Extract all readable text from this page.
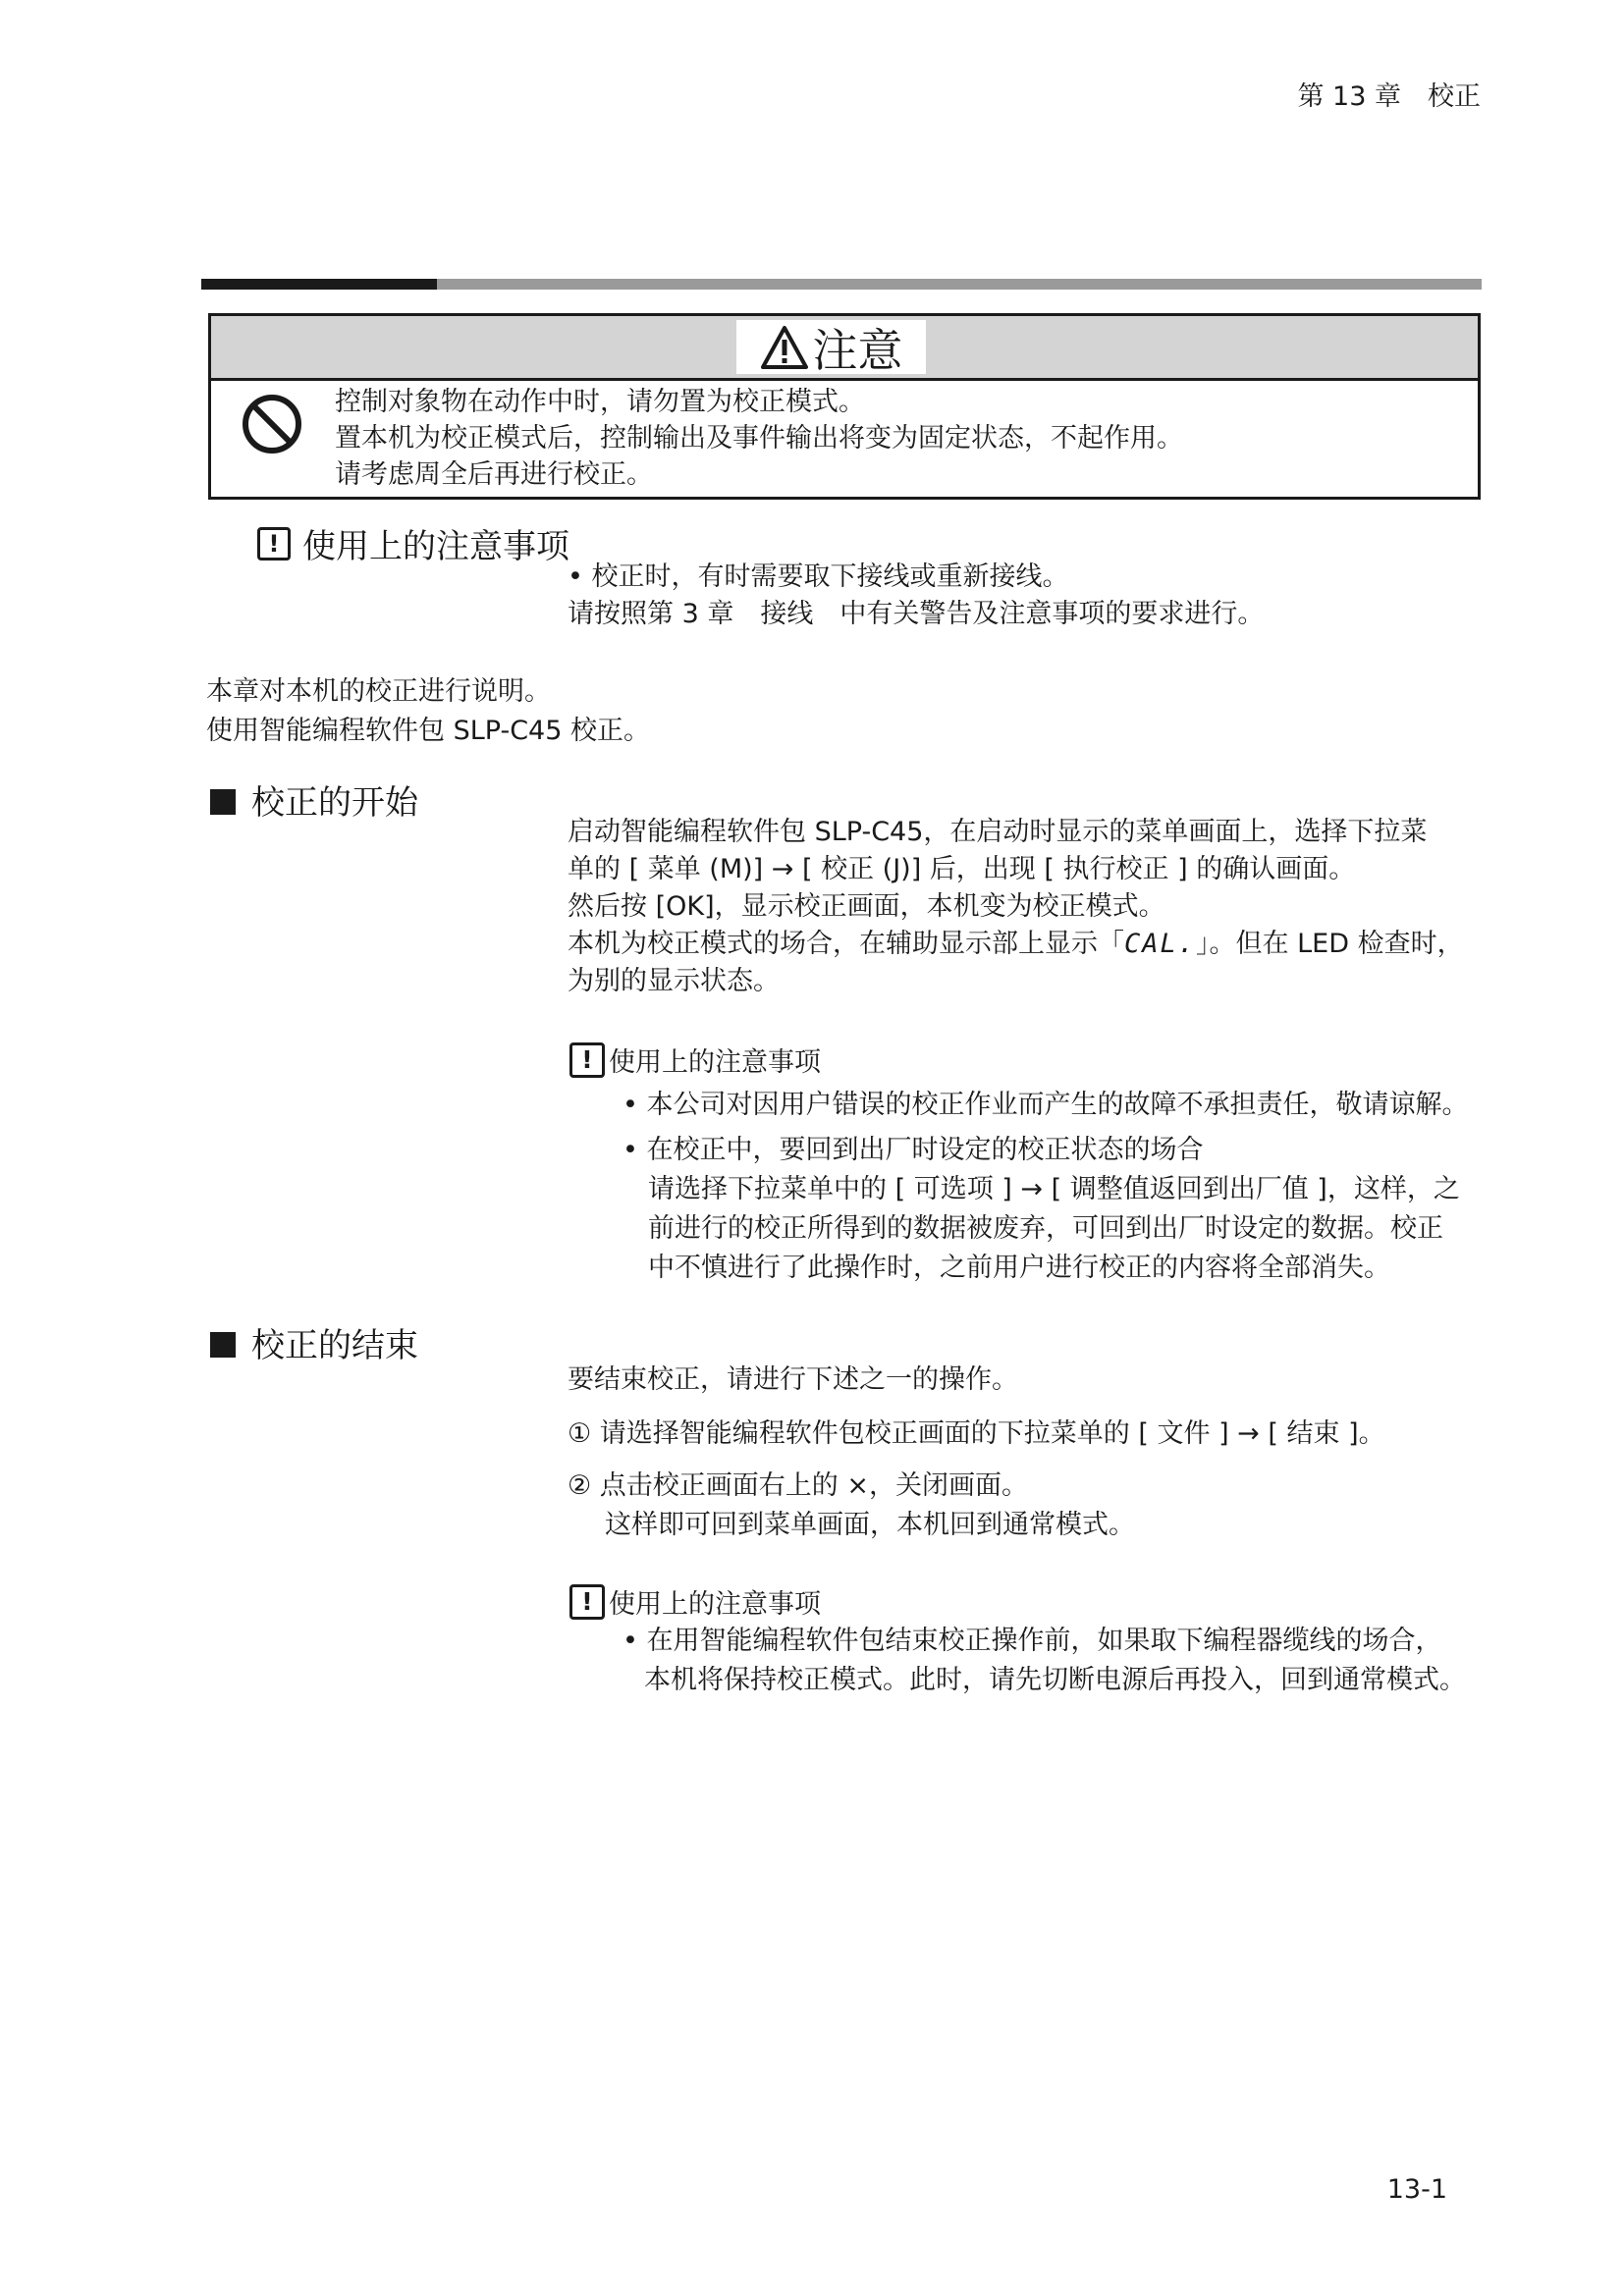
第 13 章　校正
注意
控制对象物在动作中时，请勿置为校正模式。
置本机为校正模式后，控制输出及事件输出将变为固定状态，不起作用。
请考虑周全后再进行校正。
! 使用上的注意事项
• 校正时，有时需要取下接线或重新接线。
请按照第 3 章　接线　中有关警告及注意事项的要求进行。
本章对本机的校正进行说明。
使用智能编程软件包 SLP-C45 校正。
校正的开始
启动智能编程软件包 SLP-C45，在启动时显示的菜单画面上，选择下拉菜
单的 [ 菜单 (M)] → [ 校正 (J)] 后，出现 [ 执行校正 ] 的确认画面。
然后按 [OK]，显示校正画面，本机变为校正模式。
本机为校正模式的场合，在辅助显示部上显示「CAL.」。但在 LED 检查时，
为别的显示状态。
! 使用上的注意事项
• 本公司对因用户错误的校正作业而产生的故障不承担责任，敬请谅解。
• 在校正中，要回到出厂时设定的校正状态的场合
请选择下拉菜单中的 [ 可选项 ] → [ 调整值返回到出厂值 ]，这样，之
前进行的校正所得到的数据被废弃，可回到出厂时设定的数据。校正
中不慎进行了此操作时，之前用户进行校正的内容将全部消失。
校正的结束
要结束校正，请进行下述之一的操作。
① 请选择智能编程软件包校正画面的下拉菜单的 [ 文件 ] → [ 结束 ]。
② 点击校正画面右上的 ×，关闭画面。
这样即可回到菜单画面，本机回到通常模式。
! 使用上的注意事项
• 在用智能编程软件包结束校正操作前，如果取下编程器缆线的场合，
本机将保持校正模式。此时，请先切断电源后再投入，回到通常模式。
13-1
